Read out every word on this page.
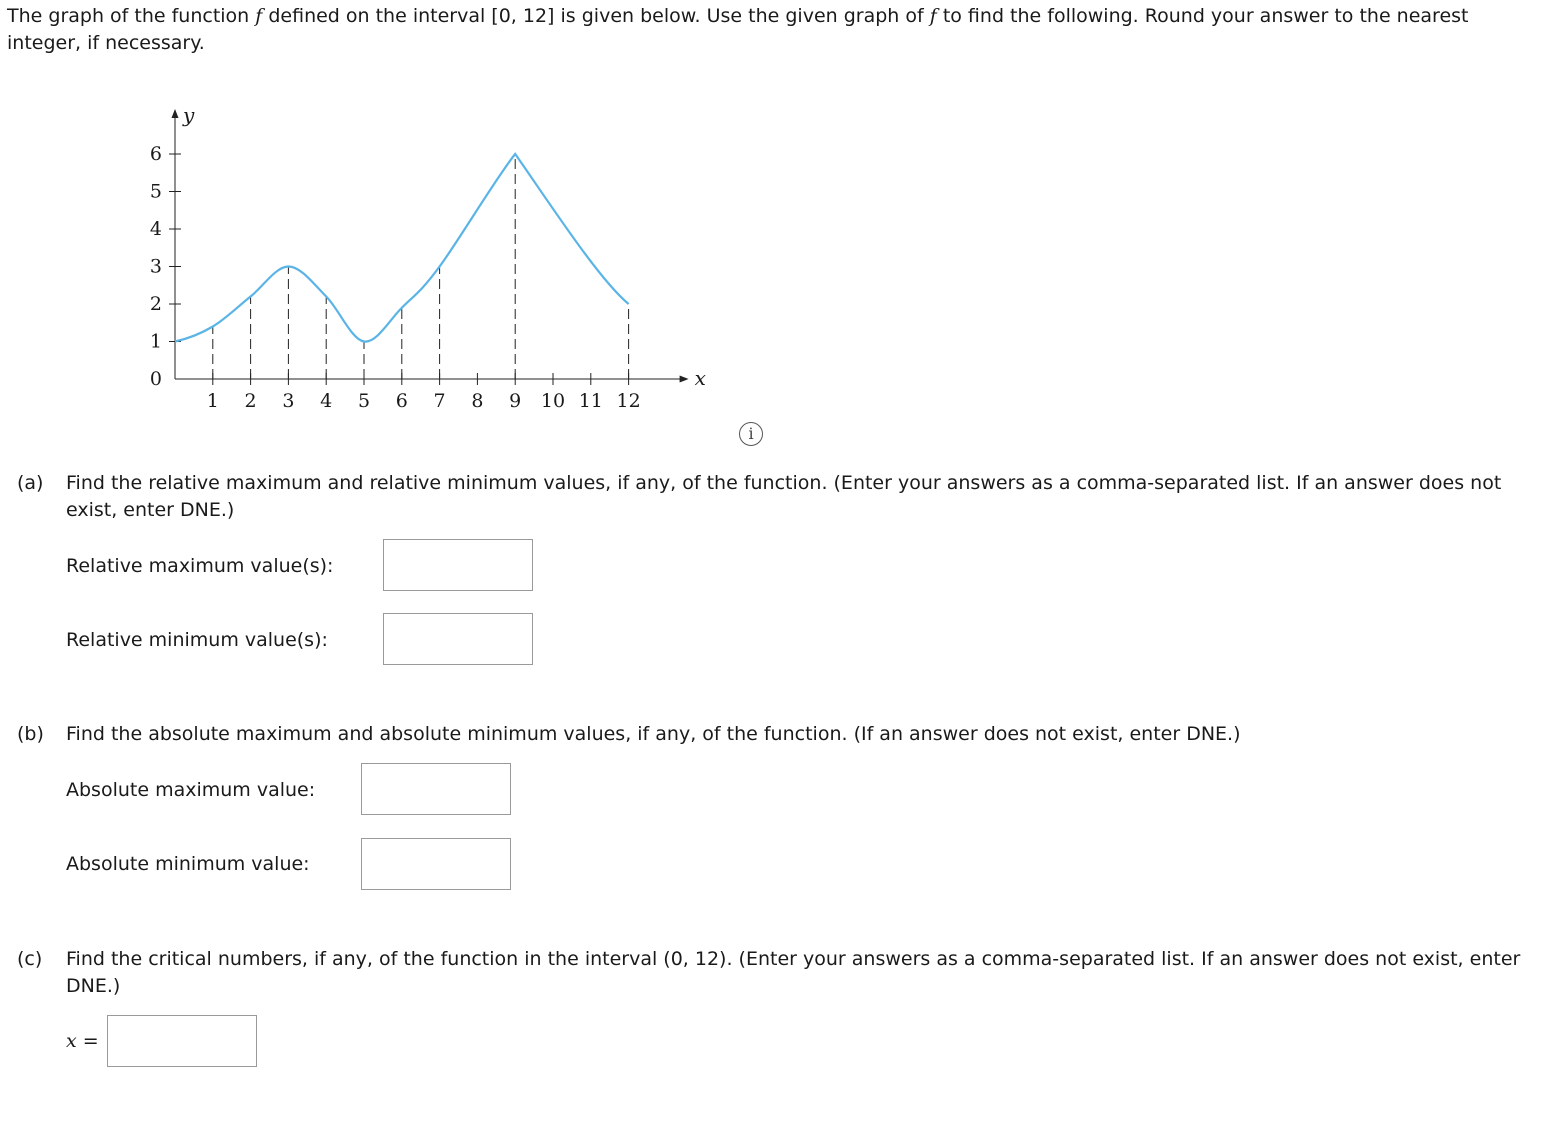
The graph of the function f defined on the interval [0, 12] is given below. Use the given graph of f to find the following. Round your answer to the nearest integer, if necessary.
1 2 3 4 5 6 7 8 9 10 11 12
0
1
2
3
4
5
6
x
y
i
(a) Find the relative maximum and relative minimum values, if any, of the function. (Enter your answers as a comma-separated list. If an answer does not exist, enter DNE.)
Relative maximum value(s):
Relative minimum value(s):
(b) Find the absolute maximum and absolute minimum values, if any, of the function. (If an answer does not exist, enter DNE.)
Absolute maximum value:
Absolute minimum value:
(c) Find the critical numbers, if any, of the function in the interval (0, 12). (Enter your answers as a comma-separated list. If an answer does not exist, enter DNE.)
x =
